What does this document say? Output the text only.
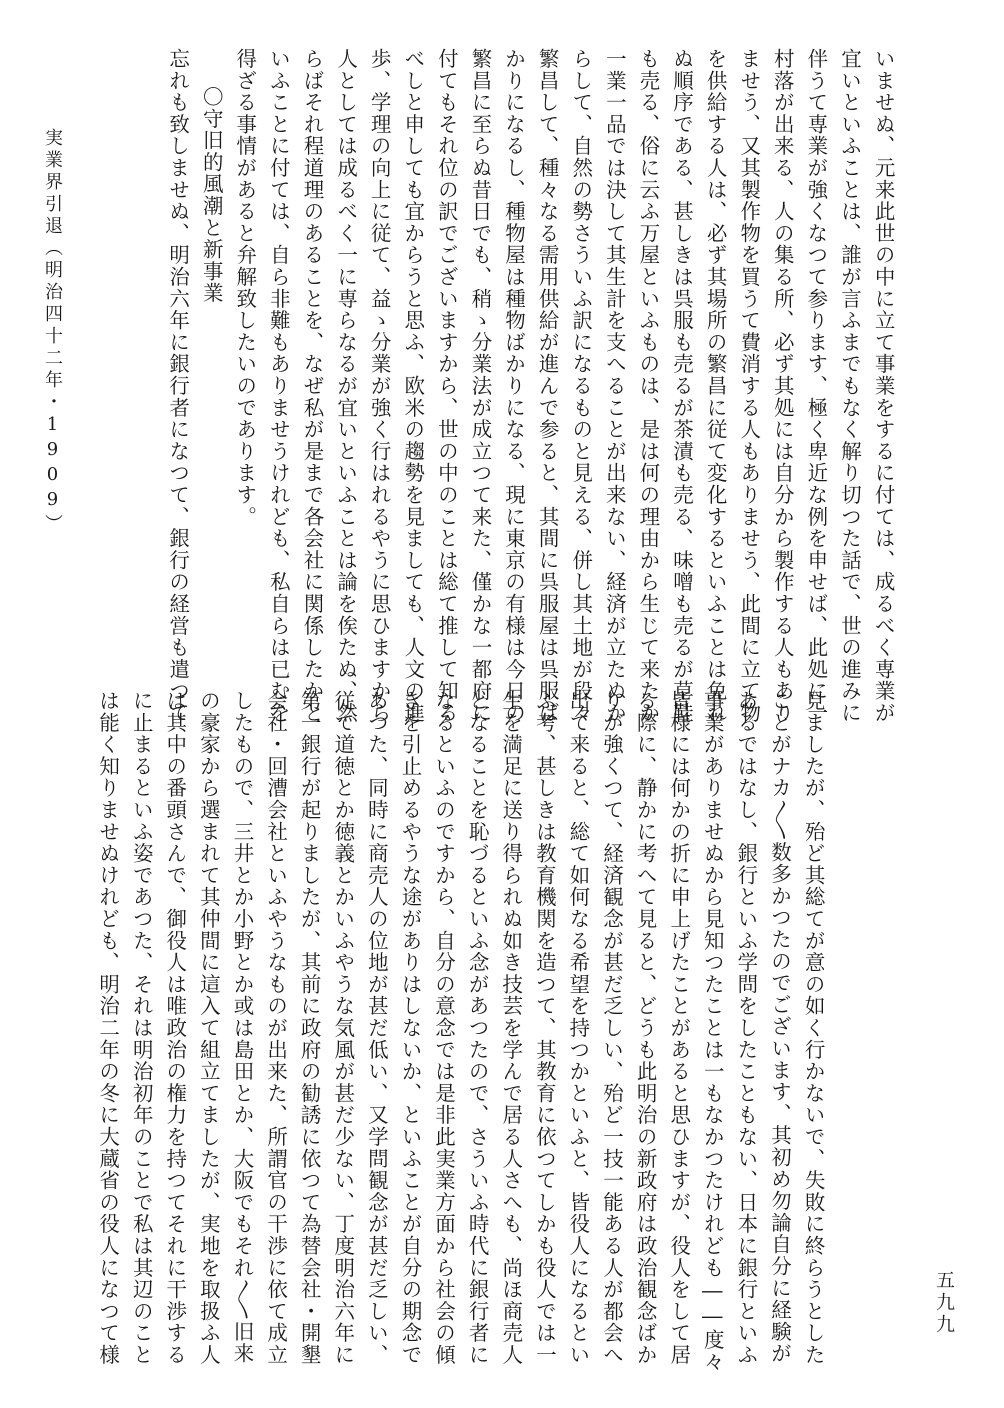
いませぬ、元来此世の中に立て事業をするに付ては、成るべく専業が
宜いといふことは、誰が言ふまでもなく解り切つた話で、世の進みに
伴うて専業が強くなつて参ります、極く卑近な例を申せば、此処に一
村落が出来る、人の集る所、必ず其処には自分から製作する人もあり
ませう、又其製作物を買うて費消する人もありませう、此間に立て物
を供給する人は、必ず其場所の繁昌に従て変化するといふことは免れ
ぬ順序である、甚しきは呉服も売るが茶漬も売る、味噌も売るが草鞋
も売る、俗に云ふ万屋といふものは、是は何の理由から生じて来たか
一業一品では決して其生計を支へることが出来ない、経済が立たぬか
らして、自然の勢さういふ訳になるものと見える、併し其土地が段々
繁昌して、種々なる需用供給が進んで参ると、其間に呉服屋は呉服ば
かりになるし、種物屋は種物ばかりになる、現に東京の有様は今日の
繁昌に至らぬ昔日でも、稍ゝ分業法が成立つて来た、僅かな一都府に
付てもそれ位の訳でございますから、世の中のことは総て推して知る
べしと申しても宜からうと思ふ、欧米の趨勢を見ましても、人文の進
歩、学理の向上に従て、益ゝ分業が強く行はれるやうに思ひますから
人としては成るべく一に専らなるが宜いといふことは論を俟たぬ、然
らばそれ程道理のあることを、なぜ私が是まで各会社に関係したかと
いふことに付ては、自ら非難もありませうけれども、私自らは已むを
得ざる事情があると弁解致したいのであります。
〇守旧的風潮と新事業
忘れも致しませぬ、明治六年に銀行者になつて、銀行の経営も遣つて
見ましたが、殆ど其総てが意の如く行かないで、失敗に終らうとした
ことがナカ〳〵数多かつたのでございます、其初め勿論自分に経験が
あるではなし、銀行といふ学問をしたこともない、日本に銀行といふ
事業がありませぬから見知つたことは一もなかつたけれども――度々
皆様には何かの折に申上げたことがあると思ひますが、役人をして居
る際に、静かに考へて見ると、どうも此明治の新政府は政治観念ばか
りが強くつて、経済観念が甚だ乏しい、殆ど一技一能ある人が都会へ
出て来ると、総て如何なる希望を持つかといふと、皆役人になるとい
ふ考、甚しきは教育機関を造つて、其教育に依つてしかも役人では一
生を満足に送り得られぬ如き技芸を学んで居る人さへも、尚ほ商売人
となることを恥づるといふ念があつたので、さういふ時代に銀行者に
なるといふのですから、自分の意念では是非此実業方面から社会の傾
きを引止めるやうな途がありはしないか、といふことが自分の期念で
あつた、同時に商売人の位地が甚だ低い、又学問観念が甚だ乏しい、
従て道徳とか徳義とかいふやうな気風が甚だ少ない、丁度明治六年に
第一銀行が起りましたが、其前に政府の勧誘に依つて為替会社・開墾
会社・回漕会社といふやうなものが出来た、所謂官の干渉に依て成立
したもので、三井とか小野とか或は島田とか、大阪でもそれ〳〵旧来
の豪家から選まれて其仲間に這入て組立てましたが、実地を取扱ふ人
は其中の番頭さんで、御役人は唯政治の権力を持つてそれに干渉する
に止まるといふ姿であつた、それは明治初年のことで私は其辺のこと
は能く知りませぬけれども、明治二年の冬に大蔵省の役人になつて様
実業界引退（明治四十二年・1909）
五九九
